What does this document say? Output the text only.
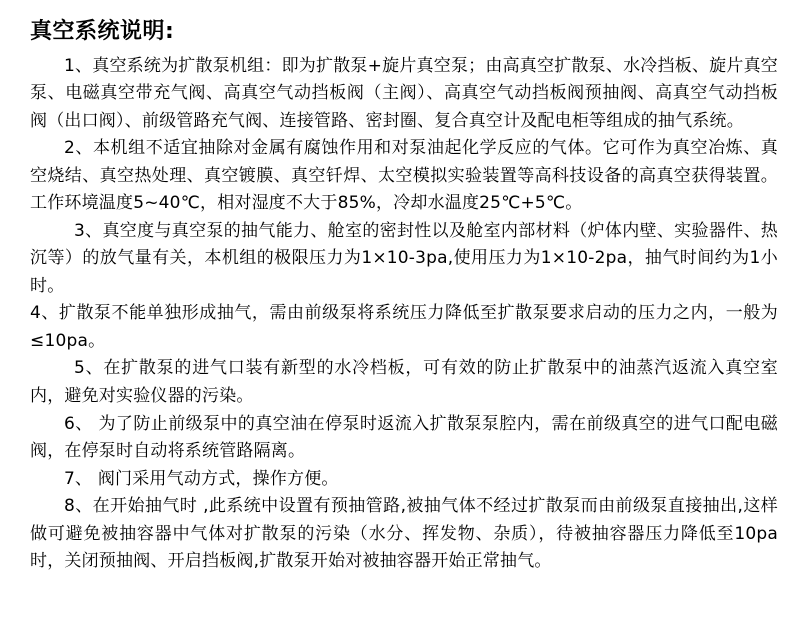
真空系统说明:

1、真空系统为扩散泵机组：即为扩散泵+旋片真空泵；由高真空扩散泵、水冷挡板、旋片真空泵、电磁真空带充气阀、高真空气动挡板阀（主阀）、高真空气动挡板阀预抽阀、高真空气动挡板阀（出口阀）、前级管路充气阀、连接管路、密封圈、复合真空计及配电柜等组成的抽气系统。

2、本机组不适宜抽除对金属有腐蚀作用和对泵油起化学反应的气体。它可作为真空冶炼、真空烧结、真空热处理、真空镀膜、真空钎焊、太空模拟实验装置等高科技设备的高真空获得装置。工作环境温度5~40℃，相对湿度不大于85%，冷却水温度25℃+5℃。

3、真空度与真空泵的抽气能力、舱室的密封性以及舱室内部材料（炉体内壁、实验器件、热沉等）的放气量有关，本机组的极限压力为1×10-3pa,使用压力为1×10-2pa，抽气时间约为1小时。

4、扩散泵不能单独形成抽气，需由前级泵将系统压力降低至扩散泵要求启动的压力之内，一般为≤10pa。

5、在扩散泵的进气口装有新型的水冷档板，可有效的防止扩散泵中的油蒸汽返流入真空室内，避免对实验仪器的污染。

6、 为了防止前级泵中的真空油在停泵时返流入扩散泵泵腔内，需在前级真空的进气口配电磁阀，在停泵时自动将系统管路隔离。

7、 阀门采用气动方式，操作方便。

8、在开始抽气时 ,此系统中设置有预抽管路,被抽气体不经过扩散泵而由前级泵直接抽出,这样做可避免被抽容器中气体对扩散泵的污染（水分、挥发物、杂质），待被抽容器压力降低至10pa时，关闭预抽阀、开启挡板阀,扩散泵开始对被抽容器开始正常抽气。
